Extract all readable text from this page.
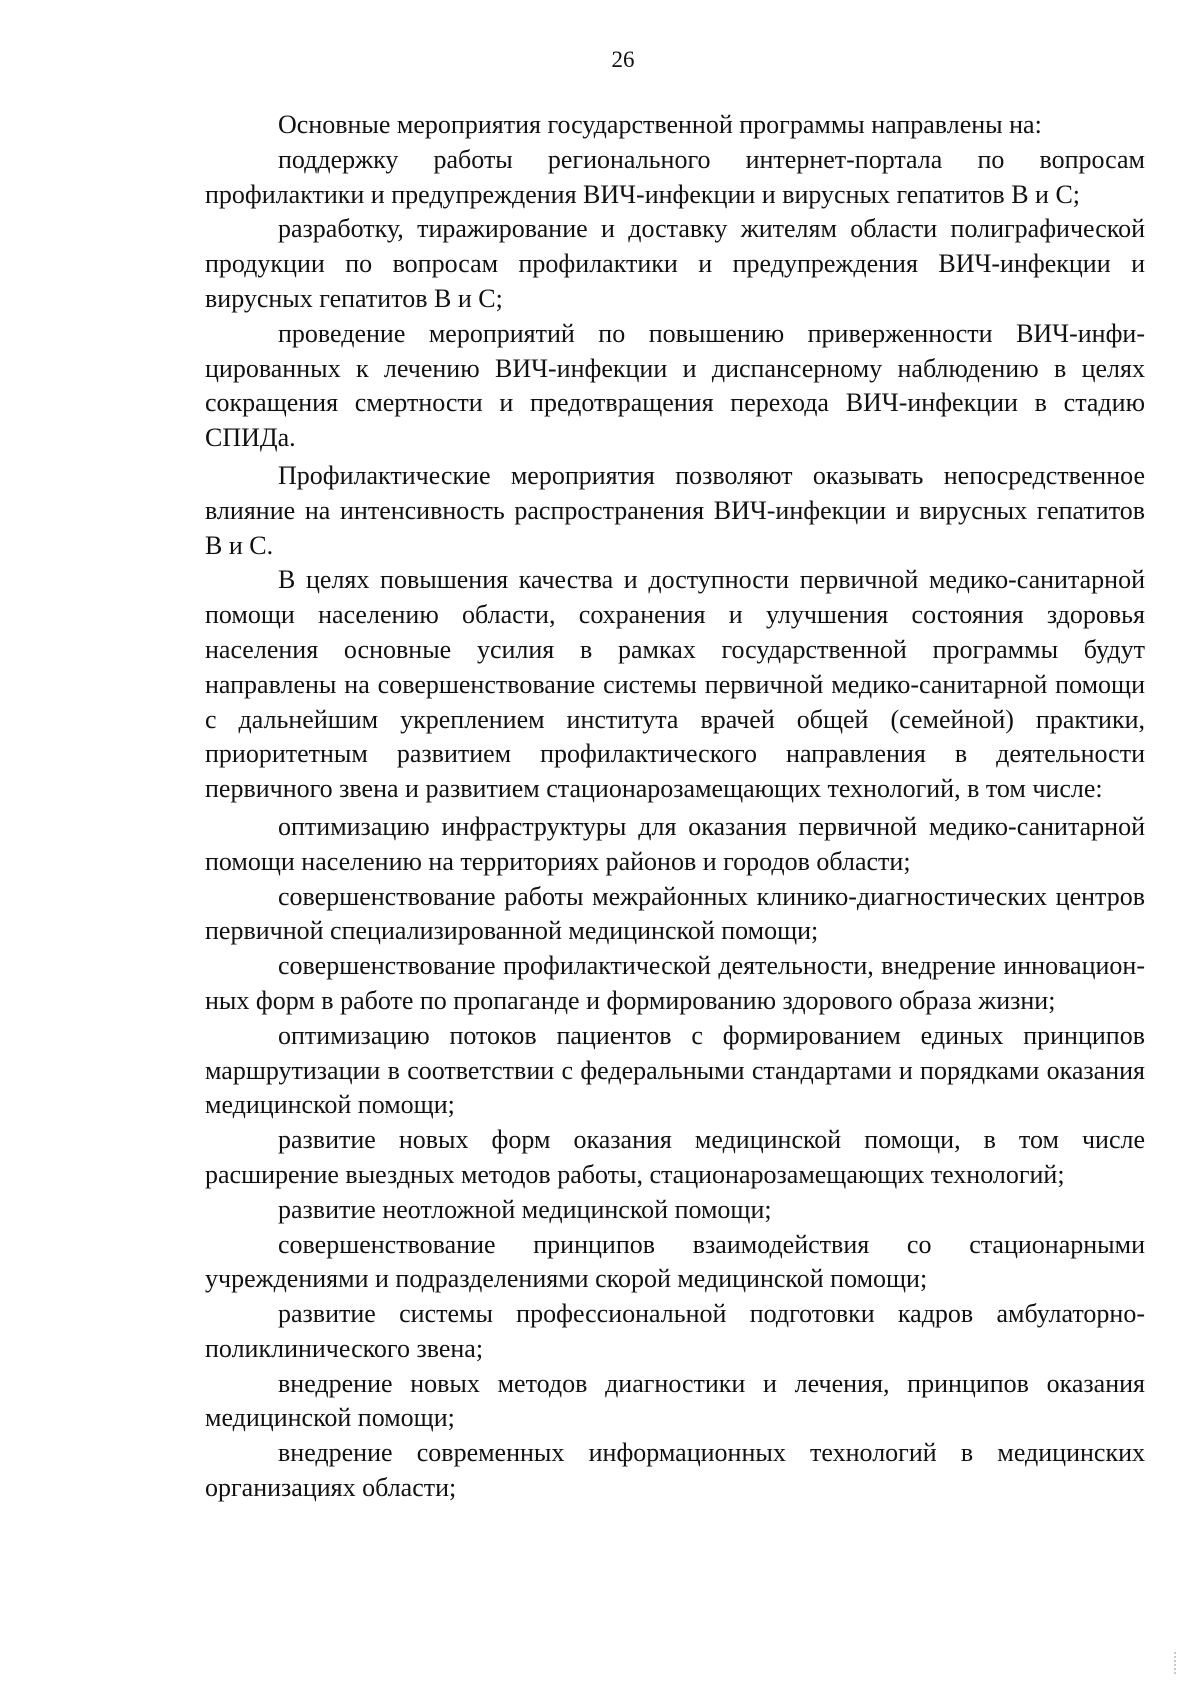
26

Основные мероприятия государственной программы направлены на:

поддержку работы регионального интернет-портала по вопросам профилактики и предупреждения ВИЧ-инфекции и вирусных гепатитов В и С;

разработку, тиражирование и доставку жителям области полиграфической продукции по вопросам профилактики и предупреждения ВИЧ-инфекции и вирусных гепатитов В и С;

проведение мероприятий по повышению приверженности ВИЧ-инфицированных к лечению ВИЧ-инфекции и диспансерному наблюдению в целях сокращения смертности и предотвращения перехода ВИЧ-инфекции в стадию СПИДа.

Профилактические мероприятия позволяют оказывать непосредственное влияние на интенсивность распространения ВИЧ-инфекции и вирусных гепатитов В и С.

В целях повышения качества и доступности первичной медико-санитарной помощи населению области, сохранения и улучшения состояния здоровья населения основные усилия в рамках государственной программы будут направлены на совершенствование системы первичной медико-санитарной помощи с дальнейшим укреплением института врачей общей (семейной) практики, приоритетным развитием профилактического направления в деятельности первичного звена и развитием стационарозамещающих технологий, в том числе:

оптимизацию инфраструктуры для оказания первичной медико-санитарной помощи населению на территориях районов и городов области;

совершенствование работы межрайонных клинико-диагностических центров первичной специализированной медицинской помощи;

совершенствование профилактической деятельности, внедрение инновационных форм в работе по пропаганде и формированию здорового образа жизни;

оптимизацию потоков пациентов с формированием единых принципов маршрутизации в соответствии с федеральными стандартами и порядками оказания медицинской помощи;

развитие новых форм оказания медицинской помощи, в том числе расширение выездных методов работы, стационарозамещающих технологий;

развитие неотложной медицинской помощи;

совершенствование принципов взаимодействия со стационарными учреждениями и подразделениями скорой медицинской помощи;

развитие системы профессиональной подготовки кадров амбулаторно-поликлинического звена;

внедрение новых методов диагностики и лечения, принципов оказания медицинской помощи;

внедрение современных информационных технологий в медицинских организациях области;
